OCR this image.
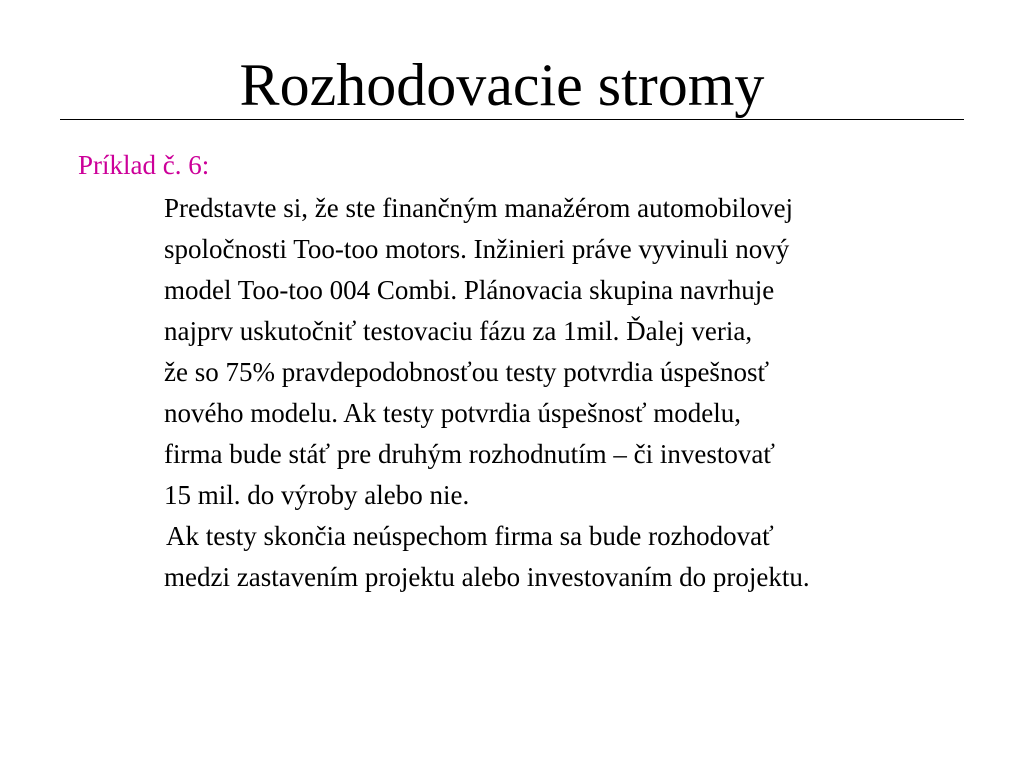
Rozhodovacie stromy
Príklad č. 6:
Predstavte si, že ste finančným manažérom automobilovej
spoločnosti Too-too motors. Inžinieri práve vyvinuli nový
model Too-too 004 Combi. Plánovacia skupina navrhuje
najprv uskutočniť testovaciu fázu za 1mil. Ďalej veria,
že so 75% pravdepodobnosťou testy potvrdia úspešnosť
nového modelu. Ak testy potvrdia úspešnosť modelu,
firma bude stáť pre druhým rozhodnutím – či investovať
15 mil. do výroby alebo nie.
Ak testy skončia neúspechom firma sa bude rozhodovať
medzi zastavením projektu alebo investovaním do projektu.
